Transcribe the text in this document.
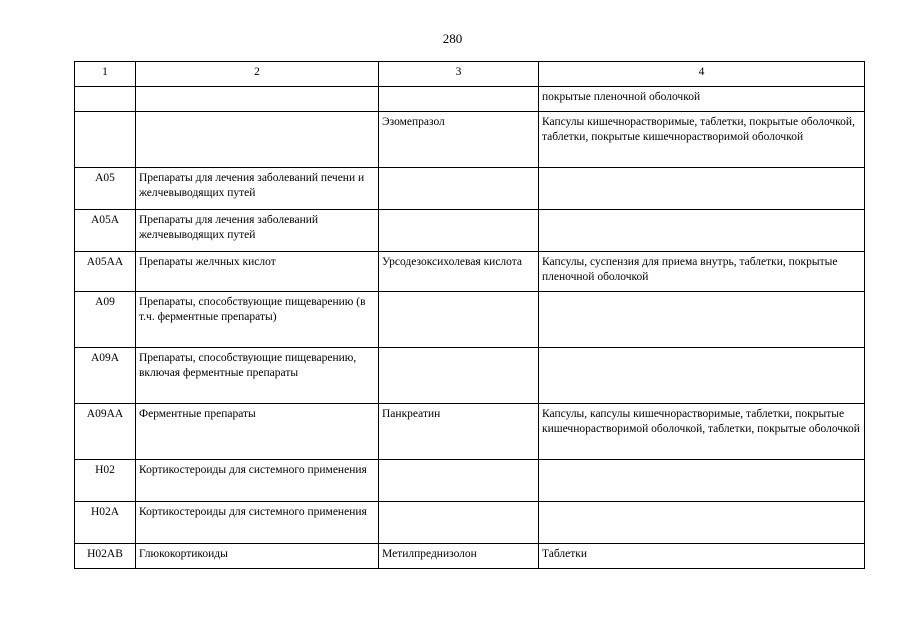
280
1	2	3	4
			покрытые пленочной оболочкой
		Эзомепразол	Капсулы кишечнорастворимые, таблетки, покрытые оболочкой, таблетки, покрытые кишечнорастворимой оболочкой
A05	Препараты для лечения заболеваний печени и желчевыводящих путей		
A05A	Препараты для лечения заболеваний желчевыводящих путей		
A05AA	Препараты желчных кислот	Урсодезоксихолевая кислота	Капсулы, суспензия для приема внутрь, таблетки, покрытые пленочной оболочкой
A09	Препараты, способствующие пищеварению (в т.ч. ферментные препараты)		
A09A	Препараты, способствующие пищеварению, включая ферментные препараты		
A09AA	Ферментные препараты	Панкреатин	Капсулы, капсулы кишечнорастворимые, таблетки, покрытые кишечнорастворимой оболочкой, таблетки, покрытые оболочкой
H02	Кортикостероиды для системного применения		
H02A	Кортикостероиды для системного применения		
H02AB	Глюкокортикоиды	Метилпреднизолон	Таблетки
